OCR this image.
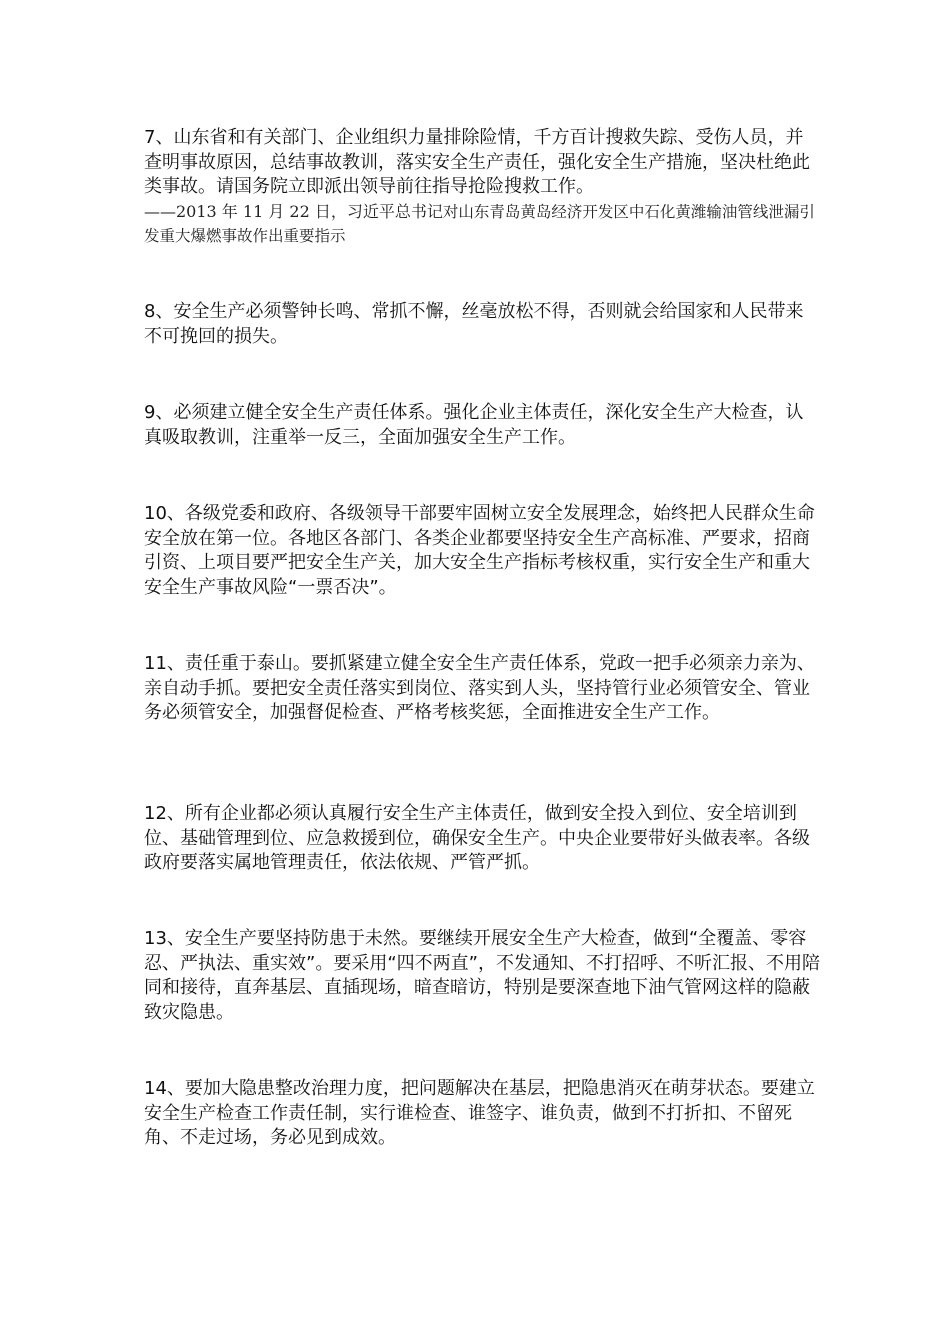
7、山东省和有关部门、企业组织力量排除险情，千方百计搜救失踪、受伤人员，并查明事故原因，总结事故教训，落实安全生产责任，强化安全生产措施，坚决杜绝此类事故。请国务院立即派出领导前往指导抢险搜救工作。
——2013 年 11 月 22 日，习近平总书记对山东青岛黄岛经济开发区中石化黄潍输油管线泄漏引发重大爆燃事故作出重要指示
8、安全生产必须警钟长鸣、常抓不懈，丝毫放松不得，否则就会给国家和人民带来不可挽回的损失。
9、必须建立健全安全生产责任体系。强化企业主体责任，深化安全生产大检查，认真吸取教训，注重举一反三，全面加强安全生产工作。
10、各级党委和政府、各级领导干部要牢固树立安全发展理念，始终把人民群众生命安全放在第一位。各地区各部门、各类企业都要坚持安全生产高标准、严要求，招商引资、上项目要严把安全生产关，加大安全生产指标考核权重，实行安全生产和重大安全生产事故风险“一票否决”。
11、责任重于泰山。要抓紧建立健全安全生产责任体系，党政一把手必须亲力亲为、亲自动手抓。要把安全责任落实到岗位、落实到人头，坚持管行业必须管安全、管业务必须管安全，加强督促检查、严格考核奖惩，全面推进安全生产工作。
12、所有企业都必须认真履行安全生产主体责任，做到安全投入到位、安全培训到位、基础管理到位、应急救援到位，确保安全生产。中央企业要带好头做表率。各级政府要落实属地管理责任，依法依规、严管严抓。
13、安全生产要坚持防患于未然。要继续开展安全生产大检查，做到“全覆盖、零容忍、严执法、重实效”。要采用“四不两直”，不发通知、不打招呼、不听汇报、不用陪同和接待，直奔基层、直插现场，暗查暗访，特别是要深查地下油气管网这样的隐蔽致灾隐患。
14、要加大隐患整改治理力度，把问题解决在基层，把隐患消灭在萌芽状态。要建立安全生产检查工作责任制，实行谁检查、谁签字、谁负责，做到不打折扣、不留死角、不走过场，务必见到成效。
